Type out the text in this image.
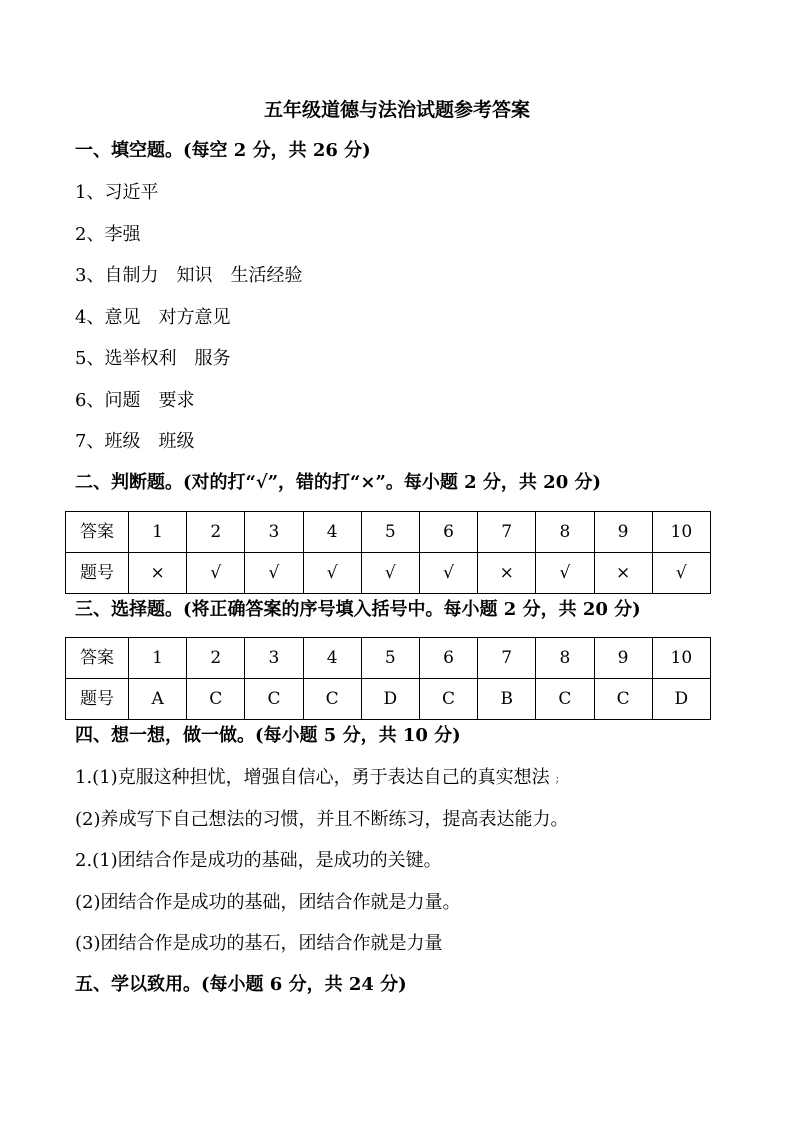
五年级道德与法治试题参考答案
一、填空题。(每空 2 分，共 26 分)
1、习近平
2、李强
3、自制力　知识　生活经验
4、意见　对方意见
5、选举权利　服务
6、问题　要求
7、班级　班级
二、判断题。(对的打“√”，错的打“×”。每小题 2 分，共 20 分)
答案	1	2	3	4	5	6	7	8	9	10
题号	×	√	√	√	√	√	×	√	×	√
三、选择题。(将正确答案的序号填入括号中。每小题 2 分，共 20 分)
答案	1	2	3	4	5	6	7	8	9	10
题号	A	C	C	C	D	C	B	C	C	D
四、想一想，做一做。(每小题 5 分，共 10 分)
1.(1)克服这种担忧，增强自信心，勇于表达自己的真实想法 ;
(2)养成写下自己想法的习惯，并且不断练习，提高表达能力。
2.(1)团结合作是成功的基础，是成功的关键。
(2)团结合作是成功的基础，团结合作就是力量。
(3)团结合作是成功的基石，团结合作就是力量
五、学以致用。(每小题 6 分，共 24 分)
